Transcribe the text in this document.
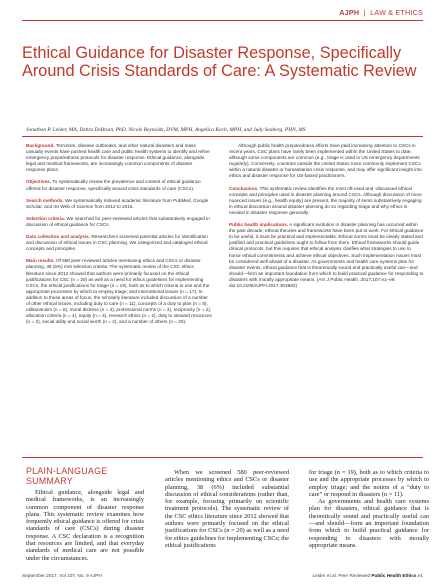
AJPH  |  LAW & ETHICS
Ethical Guidance for Disaster Response, Specifically Around Crisis Standards of Care: A Systematic Review
Jonathon P. Leider, MA, Debra DeBruin, PhD, Nicole Reynolds, DVM, MPH, Angelica Koch, MPH, and Judy Seaberg, PHN, MS

Background. Terrorism, disease outbreaks, and other natural disasters and mass casualty events have pushed health care and public health systems to identify and refine emergency preparedness protocols for disaster response. Ethical guidance, alongside legal and medical frameworks, are increasingly common components of disaster response plans.

Objectives. To systematically review the prevalence and content of ethical guidance offered for disaster response, specifically around crisis standards of care (CSCs).

Search methods. We systematically indexed academic literature from PubMed, Google Scholar, and ISI Web of Science from 2012 to 2016.

Selection criteria. We searched for peer-reviewed articles that substantively engaged in discussion of ethical guidance for CSCs.

Data collection and analysis. Researchers screened potential articles for identification and discussion of ethical issues in CSC planning. We categorized and cataloged ethical concepts and principles.

Main results. Of 580 peer-reviewed articles mentioning ethics and CSCs or disaster planning, 38 (6%) met selection criteria. The systematic review of the CSC ethics literature since 2012 showed that authors were primarily focused on the ethical justifications for CSC (n = 20) as well as a need for ethics guidelines for implementing CSCs; the ethical justifications for triage (n = 19), both as to which criteria to use and the appropriate processes by which to employ triage; and international issues (n = 17). In addition to these areas of focus, the scholarly literature included discussion of a number of other ethical issues, including duty to care (n = 11), concepts of a duty to plan (n = 8), utilitarianism (n = 8), moral distress (n = 4), professional norms (n = 3), reciprocity (n = 2), allocation criteria (n = 4), equity (n = 4), research ethics (n = 2), duty to steward resources (n = 2), social utility and social worth (n = 2), and a number of others (n = 20).

Although public health preparedness efforts have paid increasing attention to CSCs in recent years, CSC plans have rarely been implemented within the United States to date, although some components are common (e.g., triage is used in US emergency departments regularly). Conversely, countries outside the United States more commonly implement CSCs within a natural disaster or humanitarian crisis response, and may offer significant insight into ethics and disaster response for US-based practitioners.

Conclusions. This systematic review identifies the most oft-used and -discussed ethical concepts and principles used in disaster planning around CSCs. Although discussion of more nuanced issues (e.g., health equity) are present, the majority of items substantively engaging in ethical discussion around disaster planning do so regarding triage and why ethics is needed in disaster response generally.

Public health implications. A significant evolution in disaster planning has occurred within the past decade; ethical theories and frameworks have been put to work. For ethical guidance to be useful, it must be practical and implementable. Ethical norms must be clearly stated and justified and practical guidelines ought to follow from them. Ethical frameworks should guide clinical protocols, but this requires that ethical analysis clarifies what strategies to use to honor ethical commitments and achieve ethical objectives. Such implementation issues must be considered well ahead of a disaster. As governments and health care systems plan for disaster events, ethical guidance that is theoretically sound and practically useful can—and should—form an important foundation from which to build practical guidance for responding to disasters with morally appropriate means. (Am J Public Health. 2017;107:e1–e9. doi:10.2105/AJPH.2017.303882)

PLAIN-LANGUAGE SUMMARY

Ethical guidance, alongside legal and medical frameworks, is an increasingly common component of disaster response plans. This systematic review examines how frequently ethical guidance is offered for crisis standards of care (CSCs) during disaster response. A CSC declaration is a recognition that resources are limited, and that everyday standards of medical care are not possible under the circumstances.

When we screened 580 peer-reviewed articles mentioning ethics and CSCs or disaster planning, 38 (6%) included substantial discussion of ethical considerations (rather than, for example, focusing primarily on scientific treatment protocols). The systematic review of the CSC ethics literature since 2012 showed that authors were primarily focused on the ethical justifications for CSCs (n = 20) as well as a need for ethics guidelines for implementing CSCs; the ethical justifications

for triage (n = 19), both as to which criteria to use and the appropriate processes by which to employ triage; and the notion of a “duty to care” or respond in disasters (n = 11).

As governments and health care systems plan for disasters, ethical guidance that is theoretically sound and practically useful can—and should—form an important foundation from which to build practical guidance for responding to disasters with morally appropriate means.

September 2017, Vol 107, No. 9 AJPH	Leider et al. Peer Reviewed Public Health Ethics e1
